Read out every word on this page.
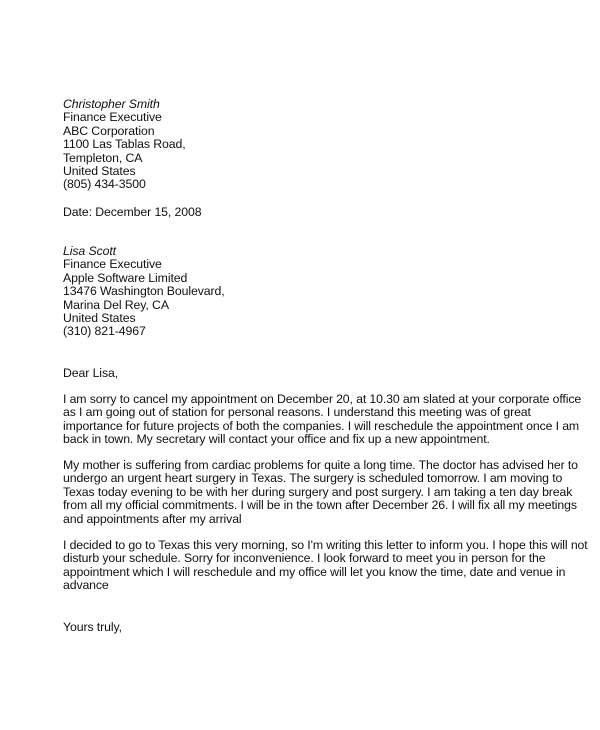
Christopher Smith
Finance Executive
ABC Corporation
1100 Las Tablas Road,
Templeton, CA
United States
(805) 434-3500
Date: December 15, 2008
Lisa Scott
Finance Executive
Apple Software Limited
13476 Washington Boulevard,
Marina Del Rey, CA
United States
(310) 821-4967
Dear Lisa,
I am sorry to cancel my appointment on December 20, at 10.30 am slated at your corporate office
as I am going out of station for personal reasons. I understand this meeting was of great
importance for future projects of both the companies. I will reschedule the appointment once I am
back in town. My secretary will contact your office and fix up a new appointment.
My mother is suffering from cardiac problems for quite a long time. The doctor has advised her to
undergo an urgent heart surgery in Texas. The surgery is scheduled tomorrow. I am moving to
Texas today evening to be with her during surgery and post surgery. I am taking a ten day break
from all my official commitments. I will be in the town after December 26. I will fix all my meetings
and appointments after my arrival
I decided to go to Texas this very morning, so I'm writing this letter to inform you. I hope this will not
disturb your schedule. Sorry for inconvenience. I look forward to meet you in person for the
appointment which I will reschedule and my office will let you know the time, date and venue in
advance
Yours truly,
